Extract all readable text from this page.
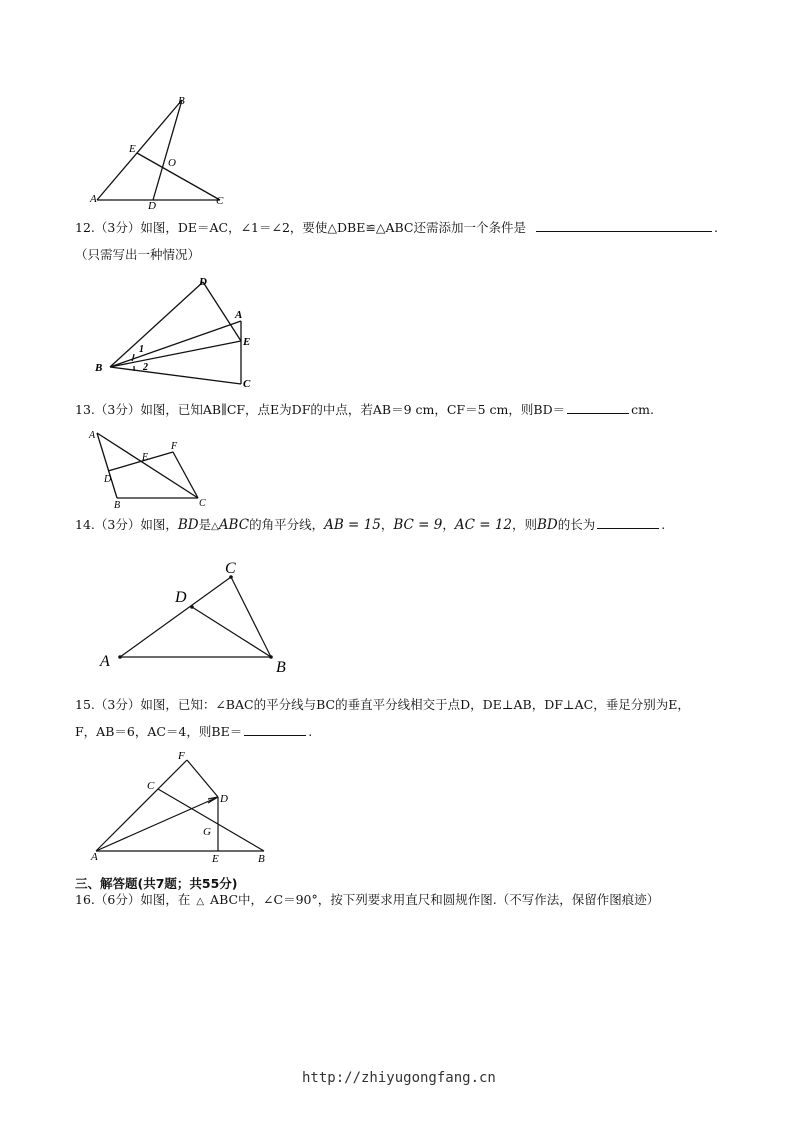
B
E
O
A
D	C
12.（3分）如图，DE＝AC，∠1＝∠2，要使△DBE≌△ABC还需添加一个条件是	.
（只需写出一种情况）
D
A
E
B
C
1
2
13.（3分）如图，已知AB∥CF，点E为DF的中点，若AB＝9 cm，CF＝5 cm，则BD＝	cm.
A
F
E
D
B	C
14.（3分）如图，BD是△ABC的角平分线，AB = 15，BC = 9，AC = 12，则BD的长为	.
C
D
A	B
15.（3分）如图，已知：∠BAC的平分线与BC的垂直平分线相交于点D，DE⊥AB，DF⊥AC，垂足分别为E，
F，AB＝6，AC＝4，则BE＝	.
F
C
D
G
A	E	B
三、解答题(共7题；共55分)
16.（6分）如图，在 △ ABC中，∠C＝90°，按下列要求用直尺和圆规作图.（不写作法，保留作图痕迹）
http://zhiyugongfang.cn
